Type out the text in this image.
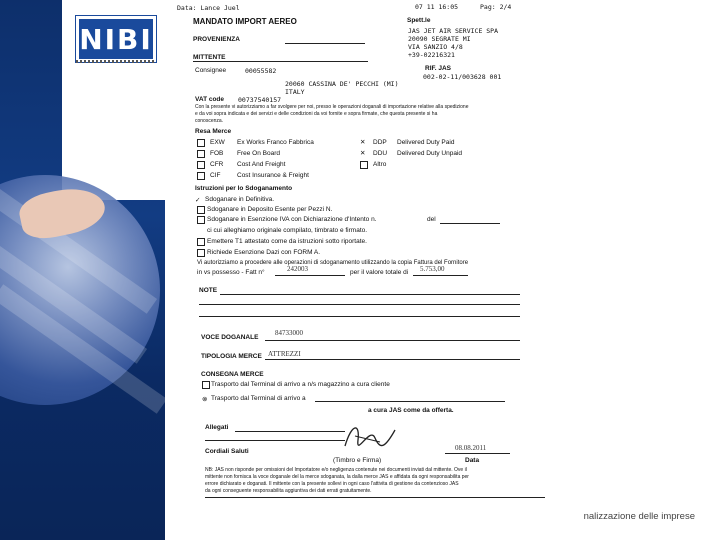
NIBI
Data: Lance Juel	07 11 16:05	Pag: 2/4
MANDATO IMPORT AEREO	Spett.le
PROVENIENZA
MITTENTE
JAS JET AIR SERVICE SPA
20090 SEGRATE MI
VIA SANZIO 4/8
+39-02216321
Consignee	00055582
20060 CASSINA DE' PECCHI (MI)
ITALY
RIF. JAS
002-02-11/003628 001
VAT code 00737540157
Con la presente vi autorizziamo a far svolgere per noi, presso le operazioni doganali di importazione relative alla spedizione
e da voi sopra indicata e dei servizi e delle condizioni da voi fornite e sopra firmate, che questa presente si ha
conoscenza.
Resa Merce
EXW Ex Works Franco Fabbrica
FOB Free On Board
CFR Cost And Freight
CIF	Cost Insurance & Freight
✕ DDP Delivered Duty Paid
✕ DDU Delivered Duty Unpaid
Altro
Istruzioni per lo Sdoganamento
✓ Sdoganare in Definitiva.
Sdoganare in Deposito Esente per Pezzi N.
Sdoganare in Esenzione IVA con Dichiarazione d'Intento n.	del
ci cui alleghiamo originale compilato, timbrato e firmato.
Emettere T1 attestato come da istruzioni sotto riportate.
Richiede Esenzione Dazi con FORM A.
Vi autorizziamo a procedere alle operazioni di sdoganamento utilizzando la copia Fattura del Fornitore
in vs possesso - Fatt n°	242003	per il valore totale di 5.753,00
NOTE
VOCE DOGANALE
84733000
TIPOLOGIA MERCE ATTREZZI
CONSEGNA MERCE
Trasporto dal Terminal di arrivo a n/s magazzino a cura cliente
⊗ Trasporto dal Terminal di arrivo a
a cura JAS come da offerta.
Allegati
Cordiali Saluti
(Timbro e Firma)
08.08.2011
Data
NB: JAS non risponde per omissioni del Importatore e/o negligenza contenute nei documenti inviati dal mittente. Ove il
mittente non fornisca la voce doganale del la merce sdoganata, la dalla merce JAS e affidata da ogni responsabilita per
errore dichiarato e doganati. Il mittente con la presente sollevi in ogni caso l'attivita di gestione da contenzioso JAS
da ogni conseguente responsabilita aggiuntiva dei dati errati gratuitamente.
nalizzazione delle imprese
